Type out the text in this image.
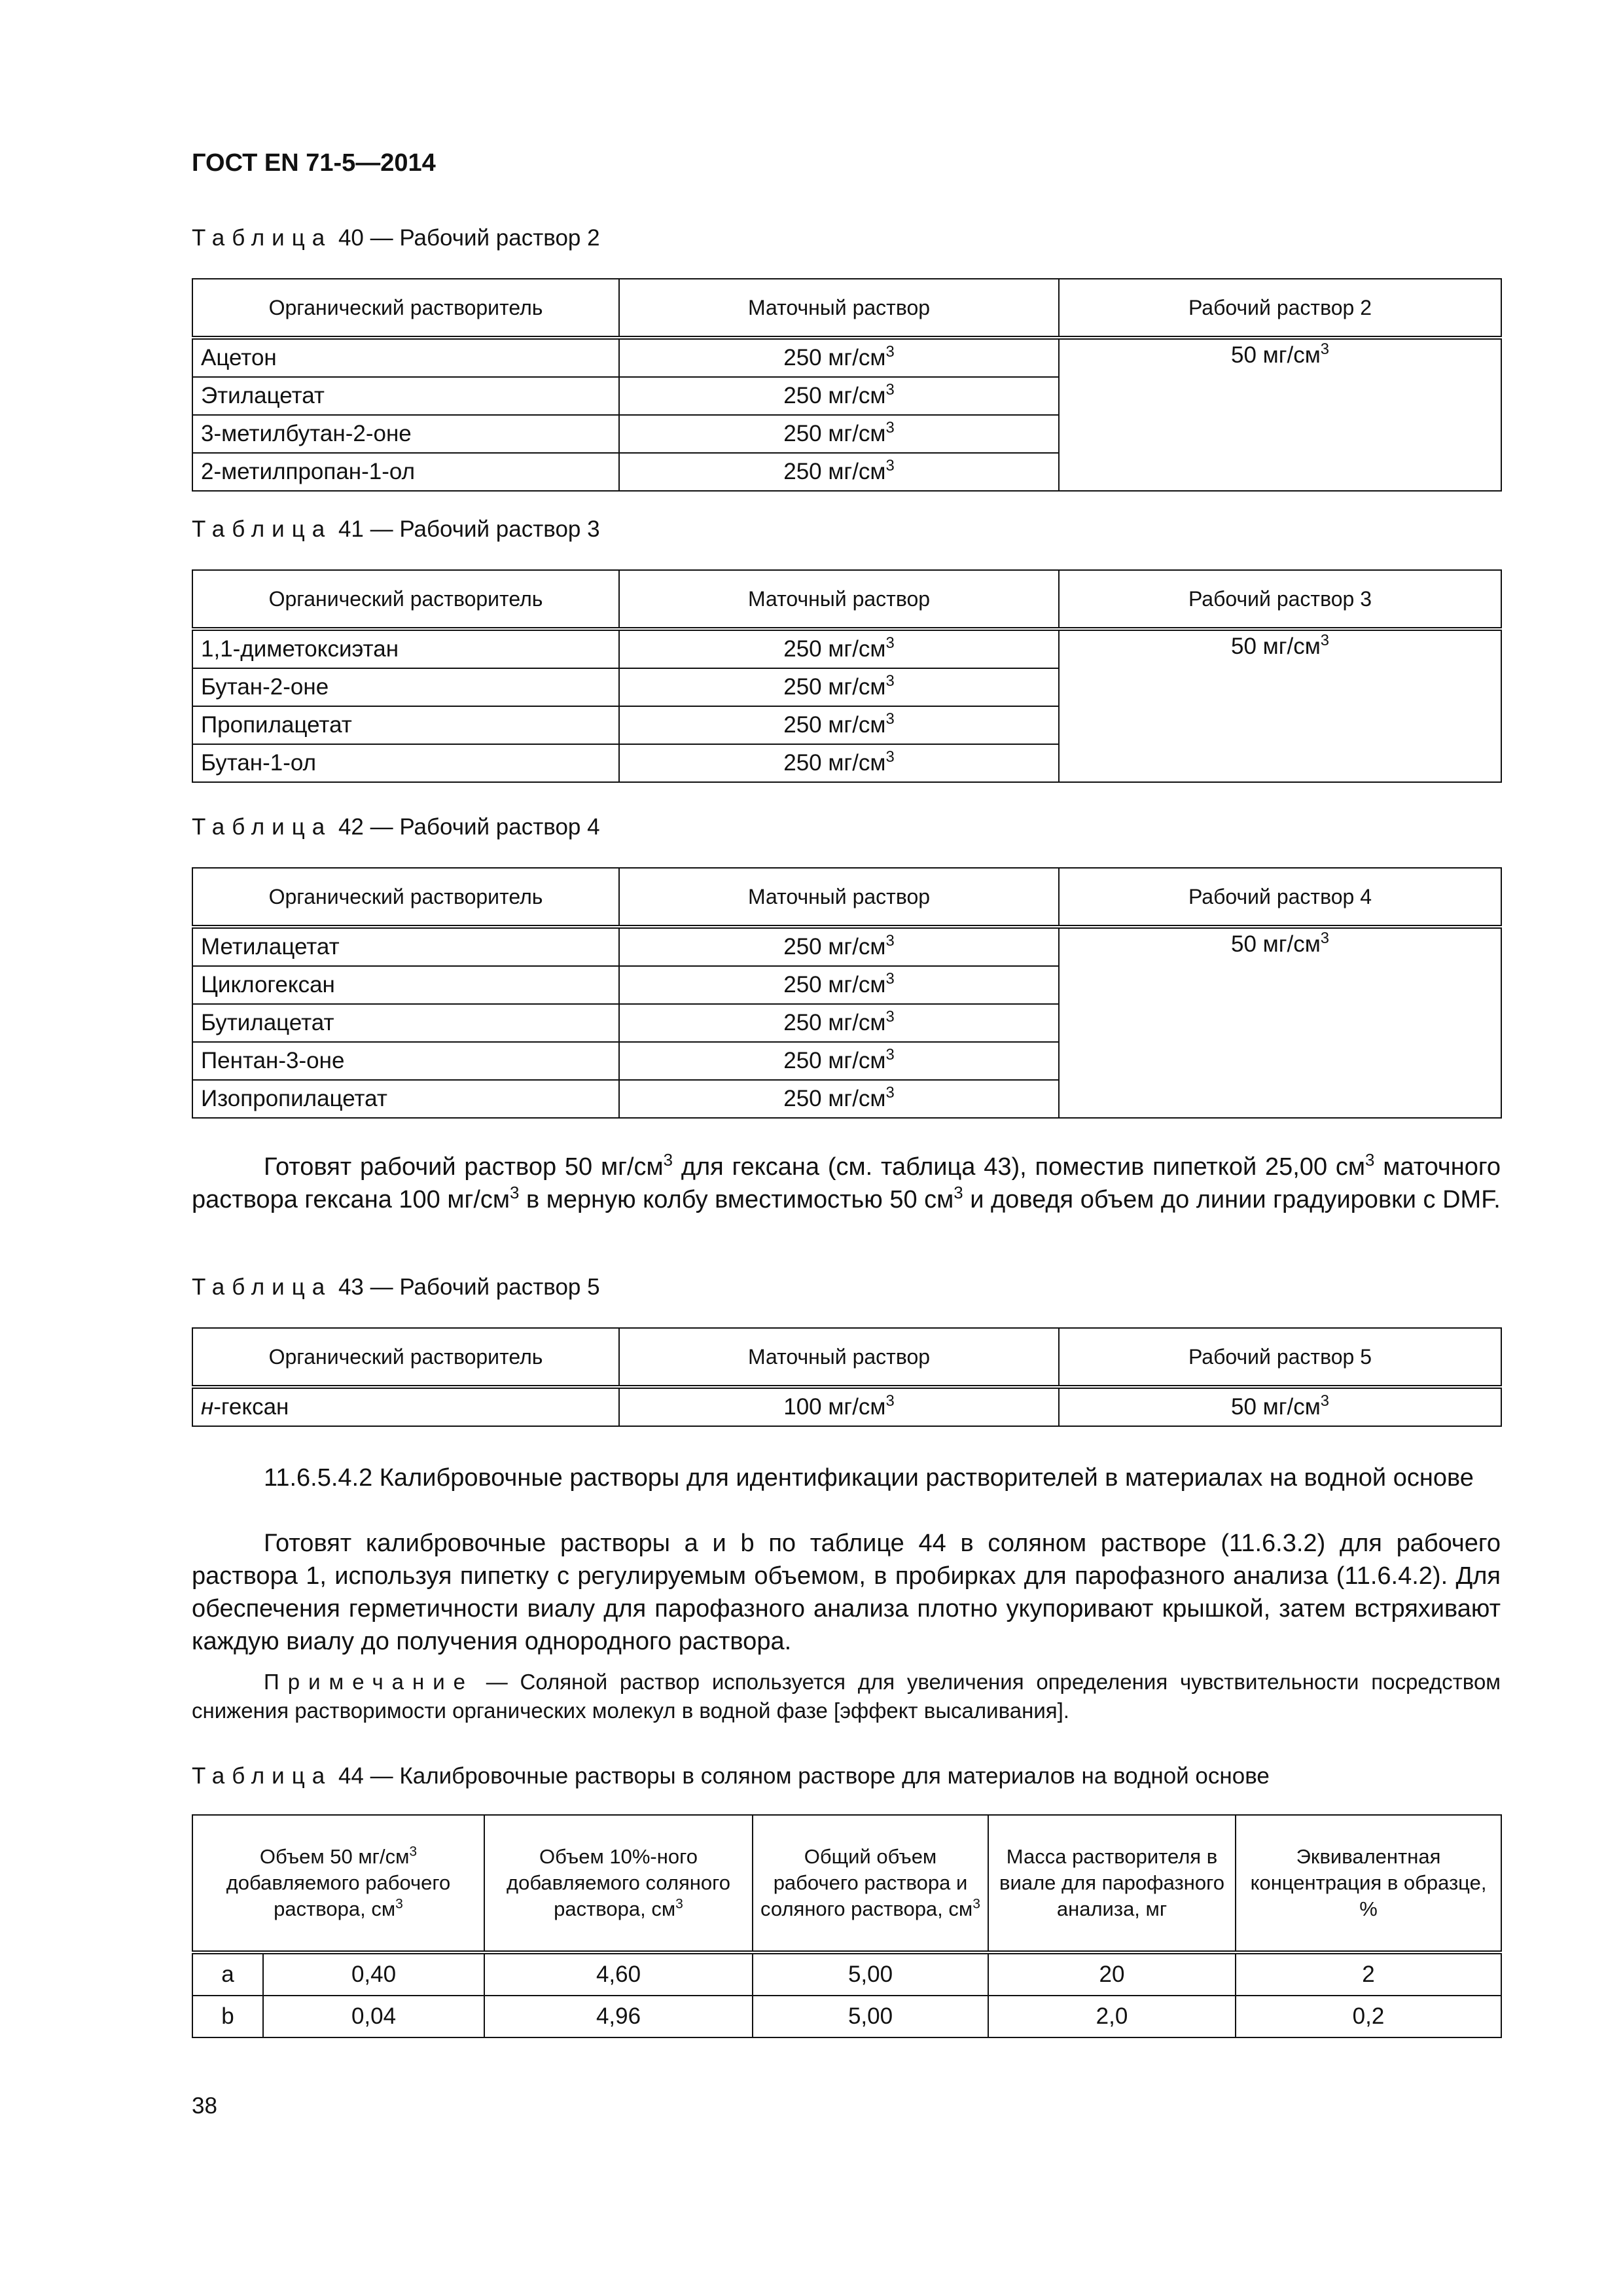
ГОСТ EN 71-5—2014
Таблица 40 — Рабочий раствор 2
Органический растворитель	Маточный раствор	Рабочий раствор 2
Ацетон	250 $мг/см^3$	50 $мг/см^3$
Этилацетат	250 $мг/см^3$
3-метилбутан-2-оне	250 $мг/см^3$
2-метилпропан-1-ол	250 $мг/см^3$
Таблица 41 — Рабочий раствор 3
Органический растворитель	Маточный раствор	Рабочий раствор 3
1,1-диметоксиэтан	250 $мг/см^3$	50 $мг/см^3$
Бутан-2-оне	250 $мг/см^3$
Пропилацетат	250 $мг/см^3$
Бутан-1-ол	250 $мг/см^3$
Таблица 42 — Рабочий раствор 4
Органический растворитель	Маточный раствор	Рабочий раствор 4
Метилацетат	250 $мг/см^3$	50 $мг/см^3$
Циклогексан	250 $мг/см^3$
Бутилацетат	250 $мг/см^3$
Пентан-3-оне	250 $мг/см^3$
Изопропилацетат	250 $мг/см^3$
Готовят рабочий раствор 50 $мг/см^3$ для гексана (см. таблица 43), поместив пипеткой 25,00 $см^3$ маточного раствора гексана 100 $мг/см^3$ в мерную колбу вместимостью 50 $см^3$ и доведя объем до линии градуировки с DMF.
Таблица 43 — Рабочий раствор 5
Органический растворитель	Маточный раствор	Рабочий раствор 5
н-гексан	100 $мг/см^3$	50 $мг/см^3$
11.6.5.4.2 Калибровочные растворы для идентификации растворителей в материалах на водной основе
Готовят калибровочные растворы a и b по таблице 44 в соляном растворе (11.6.3.2) для рабочего раствора 1, используя пипетку с регулируемым объемом, в пробирках для парофазного анализа (11.6.4.2). Для обеспечения герметичности виалу для парофазного анализа плотно укупоривают крышкой, затем встряхивают каждую виалу до получения однородного раствора.
Примечание — Соляной раствор используется для увеличения определения чувствительности посредством снижения растворимости органических молекул в водной фазе [эффект высаливания].
Таблица 44 — Калибровочные растворы в соляном растворе для материалов на водной основе
Объем 50 $мг/см^3$ добавляемого рабочего раствора, $см^3$		Объем 10%-ного добавляемого соляного раствора, $см^3$	Общий объем рабочего раствора и соляного раствора, $см^3$	Масса растворителя в виале для парофазного анализа, мг	Эквивалентная концентрация в образце, %
a	0,40	4,60	5,00	20	2
b	0,04	4,96	5,00	2,0	0,2
38
